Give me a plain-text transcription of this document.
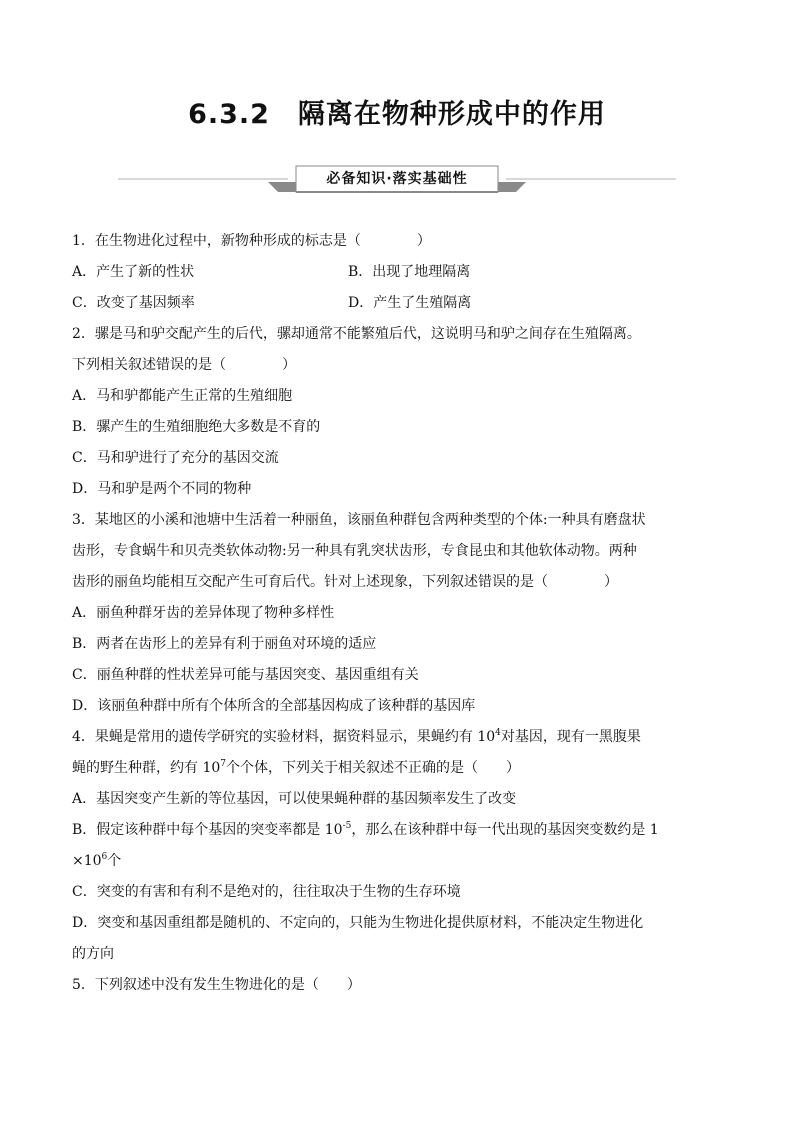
6.3.2　隔离在物种形成中的作用
必备知识·落实基础性
1．在生物进化过程中，新物种形成的标志是（　　　　）
A．产生了新的性状	B．出现了地理隔离
C．改变了基因频率	D．产生了生殖隔离
2．骡是马和驴交配产生的后代，骡却通常不能繁殖后代，这说明马和驴之间存在生殖隔离。
下列相关叙述错误的是（　　　　）
A．马和驴都能产生正常的生殖细胞
B．骡产生的生殖细胞绝大多数是不育的
C．马和驴进行了充分的基因交流
D．马和驴是两个不同的物种
3．某地区的小溪和池塘中生活着一种丽鱼，该丽鱼种群包含两种类型的个体:一种具有磨盘状
齿形，专食蜗牛和贝壳类软体动物:另一种具有乳突状齿形，专食昆虫和其他软体动物。两种
齿形的丽鱼均能相互交配产生可育后代。针对上述现象，下列叙述错误的是（　　　　）
A．丽鱼种群牙齿的差异体现了物种多样性
B．两者在齿形上的差异有利于丽鱼对环境的适应
C．丽鱼种群的性状差异可能与基因突变、基因重组有关
D．该丽鱼种群中所有个体所含的全部基因构成了该种群的基因库
4．果蝇是常用的遗传学研究的实验材料，据资料显示，果蝇约有 $10^4$对基因，现有一黑腹果
蝇的野生种群，约有 $10^7$个个体，下列关于相关叙述不正确的是（　　）
A．基因突变产生新的等位基因，可以使果蝇种群的基因频率发生了改变
B．假定该种群中每个基因的突变率都是 $10^{-5}$，那么在该种群中每一代出现的基因突变数约是 1
$\times 10^6$个
C．突变的有害和有利不是绝对的，往往取决于生物的生存环境
D．突变和基因重组都是随机的、不定向的，只能为生物进化提供原材料，不能决定生物进化
的方向
5．下列叙述中没有发生生物进化的是（　　）
